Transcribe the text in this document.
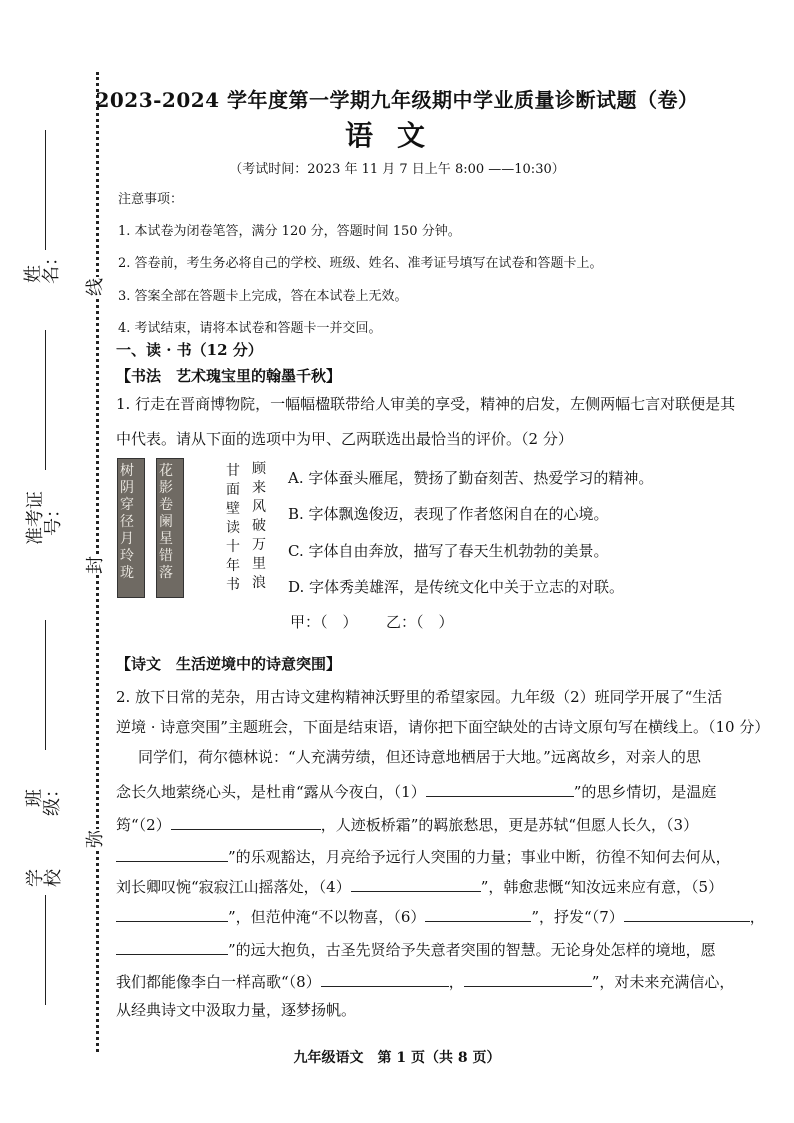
姓名：
准考证号：
班级：
学校
线
封
弥
2023-2024 学年度第一学期九年级期中学业质量诊断试题（卷）
语文
（考试时间：2023 年 11 月 7 日上午 8:00 ——10:30）
注意事项：
1. 本试卷为闭卷笔答，满分 120 分，答题时间 150 分钟。
2. 答卷前，考生务必将自己的学校、班级、姓名、准考证号填写在试卷和答题卡上。
3. 答案全部在答题卡上完成，答在本试卷上无效。
4. 考试结束，请将本试卷和答题卡一并交回。
一、读 · 书（12 分）
【书法　艺术瑰宝里的翰墨千秋】
1. 行走在晋商博物院，一幅幅楹联带给人审美的享受，精神的启发，左侧两幅七言对联便是其
中代表。请从下面的选项中为甲、乙两联选出最恰当的评价。（2 分）
树
阴
穿
径
月
玲
珑
花
影
卷
阑
星
错
落
顾
来
风
破
万
里
浪
甘
面
壁
读
十
年
书
A. 字体蚕头雁尾，赞扬了勤奋刻苦、热爱学习的精神。
B. 字体飘逸俊迈，表现了作者悠闲自在的心境。
C. 字体自由奔放，描写了春天生机勃勃的美景。
D. 字体秀美雄浑，是传统文化中关于立志的对联。
甲：（　） 乙：（　）
【诗文　生活逆境中的诗意突围】
2. 放下日常的芜杂，用古诗文建构精神沃野里的希望家园。九年级（2）班同学开展了“生活
逆境 · 诗意突围”主题班会，下面是结束语，请你把下面空缺处的古诗文原句写在横线上。（10 分）
同学们，荷尔德林说：“人充满劳绩，但还诗意地栖居于大地。”远离故乡，对亲人的思
念长久地萦绕心头，是杜甫“露从今夜白，（1）	”的思乡情切，是温庭
筠“（2）	，人迹板桥霜”的羁旅愁思，更是苏轼“但愿人长久，（3）
”的乐观豁达，月亮给予远行人突围的力量；事业中断，彷徨不知何去何从，
刘长卿叹惋“寂寂江山摇落处，（4）	”，韩愈悲慨“知汝远来应有意，（5）
”，但范仲淹“不以物喜，（6）	”，抒发“（7）	，
”的远大抱负，古圣先贤给予失意者突围的智慧。无论身处怎样的境地，愿
我们都能像李白一样高歌“（8）	，	”，对未来充满信心，
从经典诗文中汲取力量，逐梦扬帆。
九年级语文　第 1 页（共 8 页）
